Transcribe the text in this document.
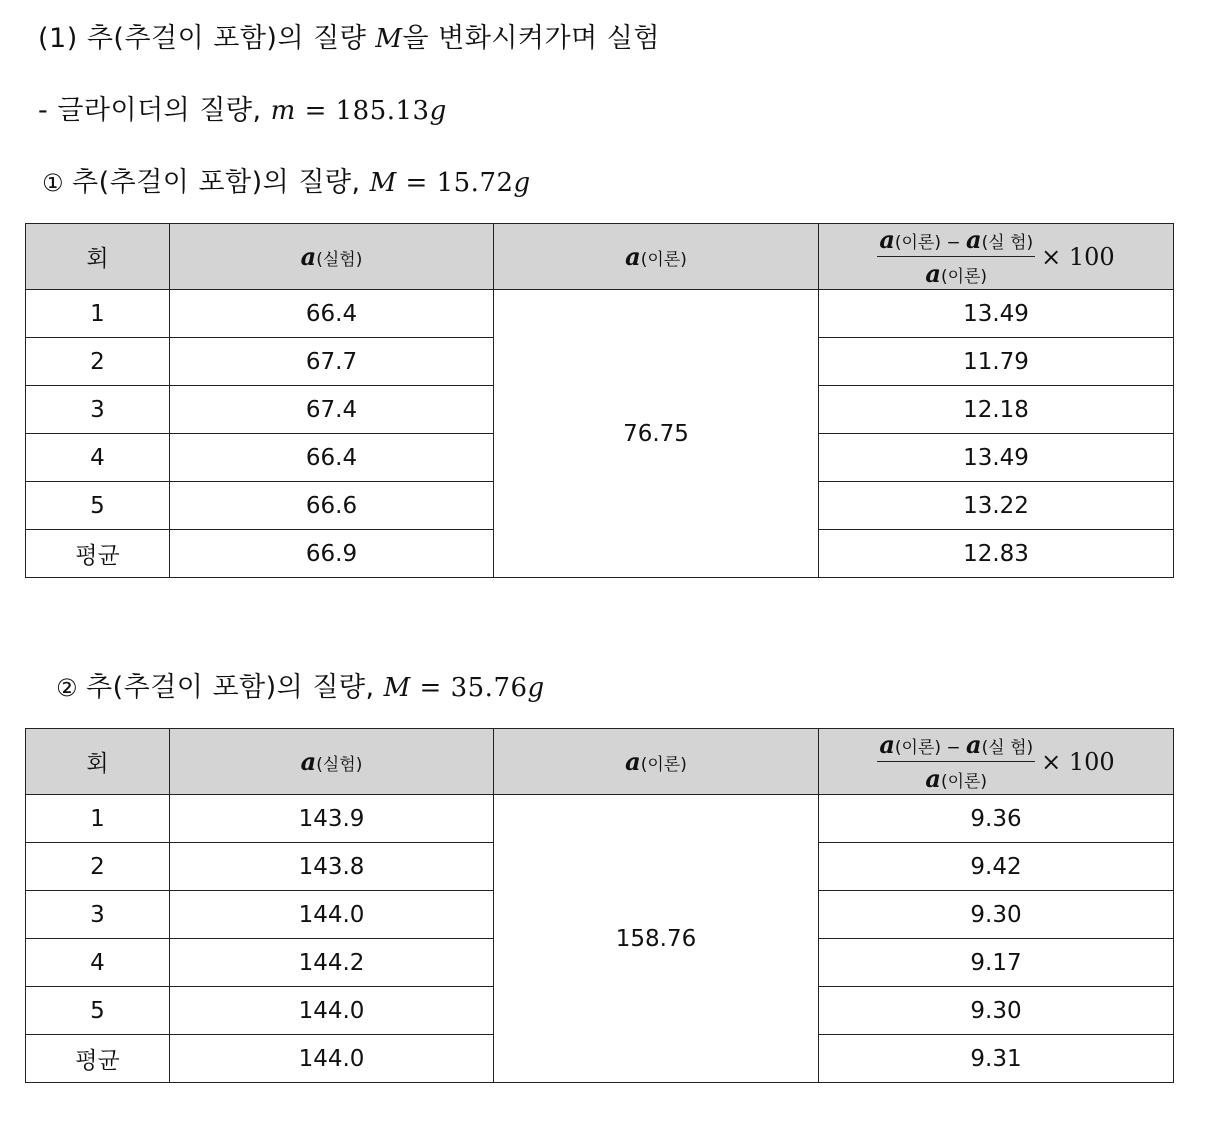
(1) 추(추걸이 포함)의 질량 M을 변화시켜가며 실험
- 글라이더의 질량, m = 185.13g
① 추(추걸이 포함)의 질량, M = 15.72g
회	a(실험)	a(이론)	$\frac{\text{a(이론) − a(실 험)}}{\text{a(이론)}} \times 100$

1	66.4	76.75	13.49
2	67.7		11.79
3	67.4		12.18
4	66.4		13.49
5	66.6		13.22
평균	66.9		12.83
② 추(추걸이 포함)의 질량, M = 35.76g
회	a(실험)	a(이론)	$\frac{\text{a(이론) − a(실 험)}}{\text{a(이론)}} \times 100$

1	143.9	158.76	9.36
2	143.8		9.42
3	144.0		9.30
4	144.2		9.17
5	144.0		9.30
평균	144.0		9.31
